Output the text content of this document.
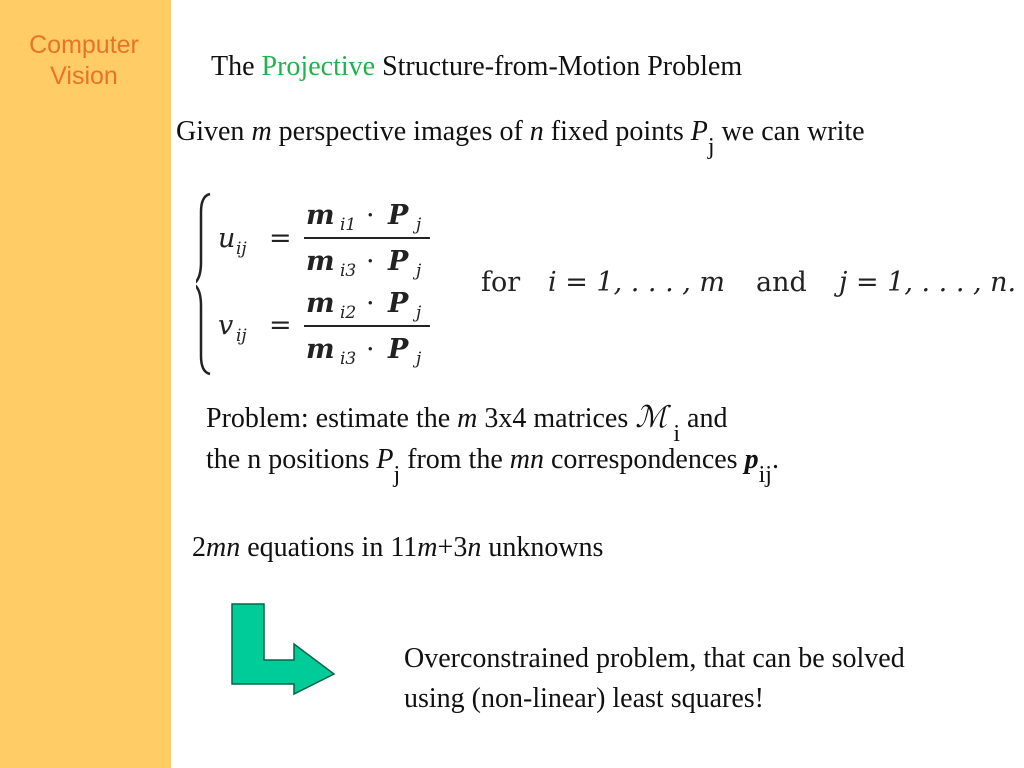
Computer
Vision	The Projective Structure-from-Motion Problem
Given m perspective images of n fixed points Pj we can write
u ij =
m i1 · P j
m i3 · P j
v ij =
m i2 · P j
m i3 · P j
for i = 1, . . . , m and j = 1, . . . , n.
Problem: estimate the m 3x4 matrices ℳ i and
the n positions Pj from the mn correspondences pij.
2mn equations in 11m+3n unknowns
Overconstrained problem, that can be solved
using (non-linear) least squares!
